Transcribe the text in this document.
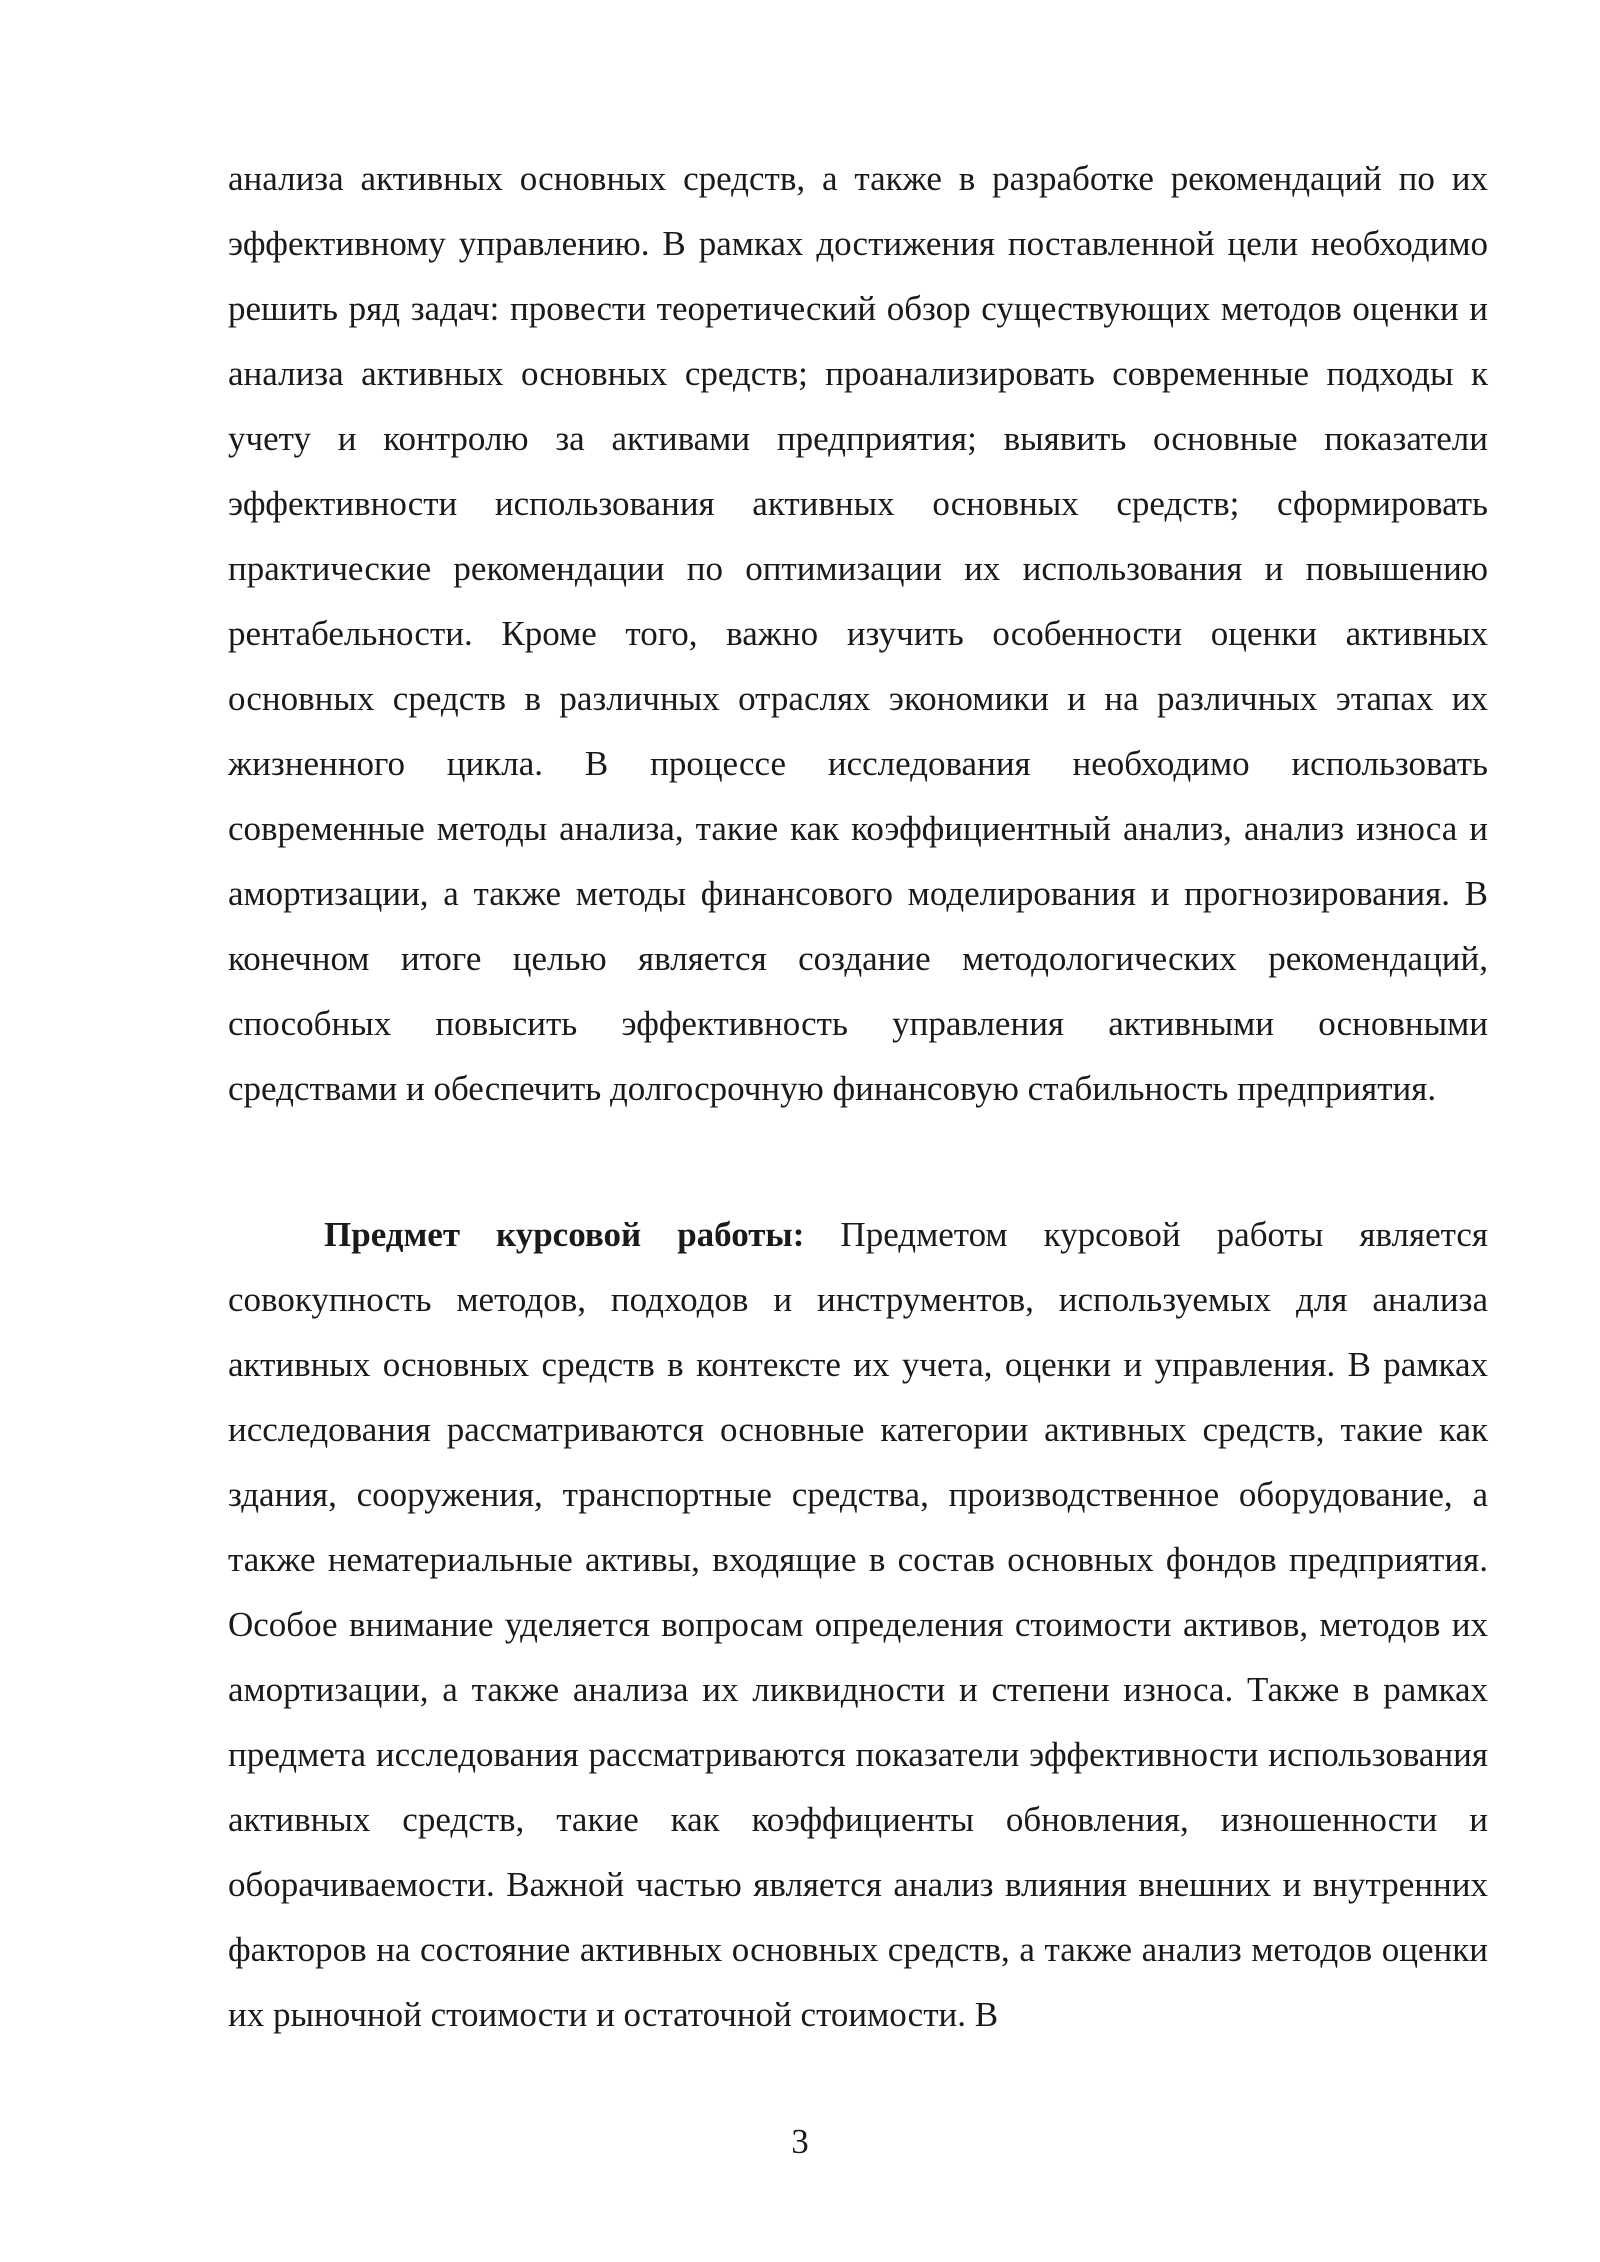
анализа активных основных средств, а также в разработке рекомендаций по их эффективному управлению. В рамках достижения поставленной цели необходимо решить ряд задач: провести теоретический обзор существующих методов оценки и анализа активных основных средств; проанализировать современные подходы к учету и контролю за активами предприятия; выявить основные показатели эффективности использования активных основных средств; сформировать практические рекомендации по оптимизации их использования и повышению рентабельности. Кроме того, важно изучить особенности оценки активных основных средств в различных отраслях экономики и на различных этапах их жизненного цикла. В процессе исследования необходимо использовать современные методы анализа, такие как коэффициентный анализ, анализ износа и амортизации, а также методы финансового моделирования и прогнозирования. В конечном итоге целью является создание методологических рекомендаций, способных повысить эффективность управления активными основными средствами и обеспечить долгосрочную финансовую стабильность предприятия.

Предмет курсовой работы: Предметом курсовой работы является совокупность методов, подходов и инструментов, используемых для анализа активных основных средств в контексте их учета, оценки и управления. В рамках исследования рассматриваются основные категории активных средств, такие как здания, сооружения, транспортные средства, производственное оборудование, а также нематериальные активы, входящие в состав основных фондов предприятия. Особое внимание уделяется вопросам определения стоимости активов, методов их амортизации, а также анализа их ликвидности и степени износа. Также в рамках предмета исследования рассматриваются показатели эффективности использования активных средств, такие как коэффициенты обновления, изношенности и оборачиваемости. Важной частью является анализ влияния внешних и внутренних факторов на состояние активных основных средств, а также анализ методов оценки их рыночной стоимости и остаточной стоимости. В

3
